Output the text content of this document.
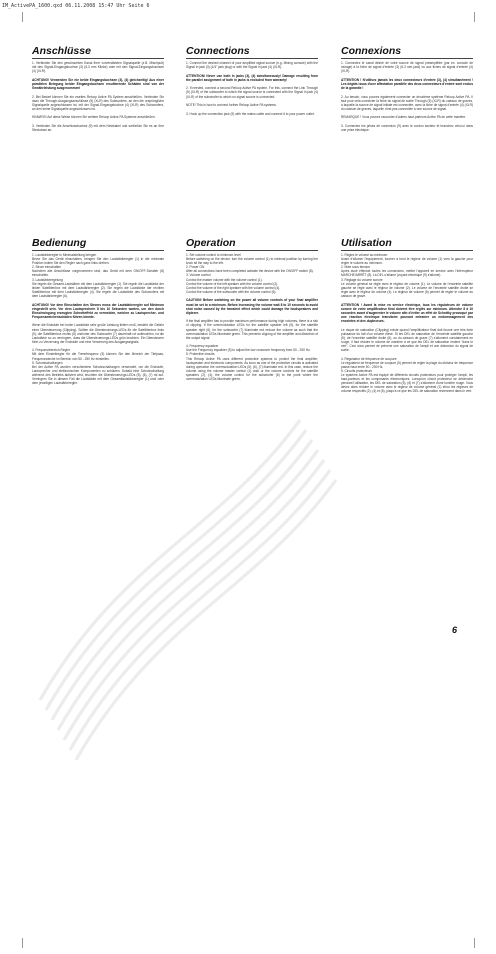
IM_ActivePA_1600.qxd 06.11.2008 15:47 Uhr Seite 6
Anschlüsse
1. Verbinden Sie den gewünschten Kanal Ihrer vorverstärkten Signalquelle (z.B. Mischpult) mit den Signal-Eingangsbuchse (3) (6,3 mm Klinke) oder mit den Signal-Eingangsbuchsen (4) (XLR).
ACHTUNG! Verwenden Sie nie beide Eingangsbuchsen (3), (4) gleichzeitig! Aus einer parallelen Belegung beider Eingangsbuchsen resultierende Schäden sind von der Gewährleistung ausgenommen!
2. Bei Bedarf können Sie ein zweites Reloop Active PA System anschließen. Verbinden Sie dazu die Through-Ausgangsanschlüsse (5) (XLR) des Subwoofers, an den die ursprüngliche Signalquelle angeschlossen ist, mit der Signal-Eingangsbuchse (4) (XLR) des Subwoofers, an den keine Signalquelle angeschlossen ist.
HINWEIS! Auf diese Weise können Sie weitere Reloop Active PA Systeme anschließen.
3. Verbinden Sie die Anschlussbuchse (9) mit dem Netzkabel und schließen Sie es an Ihre Steckdose an.
Bedienung
1. Lautstärkeregler in Minimalstellung bringen
Bevor Sie das Gerät einschalten, bringen Sie den Lautstärkeregler (1) in die minimale Position indem Sie den Regler nach ganz links drehen.
2. Strom einschalten
Nachdem alle Anschlüsse vorgenommen sind, das Gerät mit dem ON/OFF-Schalter (8) einschalten.
3. Lautstärkeregelung
Sie regeln die Gesamt-Lautstärke mit dem Lautstärkeregler (1). Sie regeln die Lautstärke der linken Satellitenbox mit dem Lautstärkeregler (2). Sie regeln die Lautstärke der rechten Satellitenbox mit dem Lautstärkeregler (4). Sie regeln die Lautstärke des Subwoofers mit dem Lautstärkeregler (6).
ACHTUNG! Vor dem Einschalten des Stroms muss der Lautstärkeregler auf Minimum eingestellt sein. Vor dem Lautsprechern 8 bis 10 Sekunden warten, um den durch Einschwingung erzeugten Schrotteffekt zu vermeiden, weicher zu Lautsprecher- und Frequenzweichenschäden führen könnte.
Wenn die Endstufe bei hoher Lautstärke sehr große Leistung liefern muß, besteht die Gefahr einer Übersteuerung (Clipping). Sollten die Übersteuerungs-LEDs für die Satellitenbox links (5), die Satellitenbox rechts (6) und/oder des Subwoofer (7) dauerhaft rot aufleuchten, ist die Lautstärke so zu verringern, dass die Übersteuerungs-LEDs grün leuchten. Ein Übersteuern führt zu Verzerrung der Endstufe und eine Verzerrung des Ausgangssignals.
4. Frequenzbereich-Regler
Mit dem Einstellregler für die Trennfrequenz (5) können Sie den Bereich der Tiefpass-Frequenzweiche im Bereich von 50 - 250 Hz einstellen.
5. Schutzschaltungen
Bei der Active PA wurden verschiedene Schutzschaltungen verwendet, um die Endstufe, Lautsprecher und elektronischen Komponenten zu schützen. Sobald eine Schutzschaltung während des Betriebs aktiviert wird, leuchten die Übersteuerungs-LEDs (5), (6), (7) rot auf. Verringern Sie in diesem Fall die Lautstärke mit dem Gesamtlautstärkeregler (1) und/ oder dem jeweiligen Lautstärkeregler.
Connections
1. Connect the desired channel of your amplified signal source (e.g. Mixing console) with the Signal In jack (3) (1/4" jack plug) or with the Signal In jack (4) (XLR).
ATTENTION! Never use both in jacks (3), (4) simultaneously! Damage resulting from the parallel assignment of both in jacks is excluded from warranty!
2. If needed, connect a second Reloop Active PA system. For this, connect the Link Through (5) (XLR) of the subwoofer to which the signal source is connected with the Signal In jack (4) (XLR) of the subwoofer to which no signal source is connected.
NOTE! This is how to connect further Reloop Active PA systems.
3. Hook up the connection jack (9) with the mains cable and connect it to your power outlet.
Operation
1. Set volume control to minimum level
Before switching on the device, turn the volume control (1) to minimal position by turning the knob all the way to the left.
2. Power ON
After all connections have been completed activate the device with the ON/OFF switch (8).
3. Volume control
Control the master volume with the volume control (1).
Control the volume of the left speaker with the volume control (2).
Control the volume of the right speaker with the volume control (4).
Control the volume of the subwoofer with the volume control (6).
CAUTION! Before switching on the power all volume controls of your final amplifier must be set to a minimum. Before increasing the volume wait 8 to 10 seconds to avoid shot noise caused by the transient effect which could damage the loudspeakers and diplexer.
If the final amplifier has to provide maximum performance during high volumes, there is a risk of clipping. If the overmodulation LEDs for the satellite speaker left (5), for the satellite speaker right (6), for the subwoofer (7) illuminate red reduce the volume as such that the overmodulation LEDs illuminate green. This prevents clipping of the amplifier and distortion of the output signal.
4. Frequency equalizer
Use the Frequency equalizer (5) to adjust the low crossover frequency from 50 - 250 Hz.
5. Protective circuits
This Reloop Active PA uses different protective systems to protect the final amplifier, loudspeaker and electronic components. As soon as one of the protective circuits is activated during operation the overmodulation LEDs (5), (6), (7) illuminate red. In this case, reduce the volume using the volume master control (1) and/ or the volume controls for the satellite speakers (2), (4), the volume control for the subwoofer (6) to the point where the overmodulation LEDs illuminate green.
Connexions
1. Connectez le canal désiré de votre source de signal préamplifiée (par ex. console de mixage) à la fiche de signal d'entrée (3) (6,3 mm jack) ou aux fiches de signal d'entrée (4) (XLR).
ATTENTION ! N'utilisez jamais les deux connecteurs d'entrée (3), (4) simultanément ! Les dégâts issus d'une affectation parallèle des deux connecteurs d'entrée sont exclus de la garantie !
2. Au besoin, vous pouvez également connecter un deuxième système Reloop Active PA. Il faut pour cela connecter la fiche du signal de sortie Through (5) (XLR) du caisson de graves, à laquelle la source de signal initiale est connectée, avec la fiche de signal d'entrée (4) (XLR) du caisson de graves, laquelle n'est pas connectée à une source de signal.
REMARQUE ! Vous pouvez raccorder d'autres haut-parleurs Active PA de cette manière.
3. Connectez les prises de connexion (9) avec le cordon secteur et branchez celui-ci dans une prise électrique.
Utilisation
1. Réglez le volume au minimum
Avant d'allumer l'équipement, tourner à fond le régleur de volume (1) vers la gauche pour régler le volume au minimum.
2. Mise sous tension
Après avoir effectué toutes les connexions, mettre l'appareil en service avec l'interrupteur MARCHE/ARRÊT (8). La DEL s'allume (voyant électrique (9) s'allume).
3. Réglage du volume sonore
Le volume général se règle avec le régleur de volume (1). Le volume de l'enceinte satellite gauche se règle avec le régleur de volume (2). Le volume de l'enceinte satellite droite se règle avec le régleur de volume (4). Le régleur de volume (6) permet de régler le volume du caisson de grave.
ATTENTION ! Avant la mise en service électrique, tous les régulateurs de volume sonore de votre amplificateur final doivent être réglés sur minimum. Attendre 8 à 10 secondes avant d'augmenter le volume afin d'éviter un effet de Schottky provoqué par une réaction électrique transitoire pouvant entraîner un endommagement des enceintes et des duplexeurs.
Le risque de saturation (Clipping) existe quand l'amplificateur final doit fournir une très forte puissance du fait d'un volume élevé. Si les DEL de saturation de l'enceinte satellite gauche (5), de l'enceinte satellite droite (6), ou du caisson de grave (7) s'allument constamment en rouge, il faut réduire le volume de manière à ce que les DEL de saturation restent "dans le vert". Ceci vous permet de prévenir une saturation de l'ampli et une distorsion du signal de sortie.
4. Régulateur de fréquence de coupure
Le régulateur de fréquence de coupure (5) permet de régler la plage du diviseur de fréquence passe-haut entre 50 - 250 Hz.
5. Circuits protecteurs
Le système Active PA est équipé de différents circuits protecteurs pour protéger l'ampli, les haut-parleurs et les composants électroniques. Lorsqu'un circuit protecteur se déclenche pendant l'utilisation, les DEL de saturation (5), (6) et (7) s'allument d'une lumière rouge. Vous devez alors réduire le volume avec le régleur de volume général (1) et/ou les régleurs de volume respectifs (2), (4) et (6), jusqu'à ce que les DEL de saturation reviennent dans le vert.
6
